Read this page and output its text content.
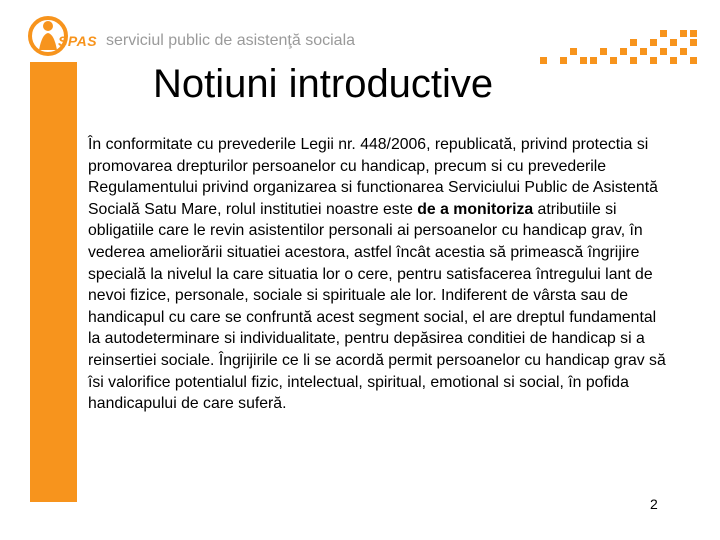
SPAS serviciul public de asistenţă sociala
Notiuni introductive

În conformitate cu prevederile Legii nr. 448/2006, republicată, privind protectia si promovarea drepturilor persoanelor cu handicap, precum si cu prevederile Regulamentului privind organizarea si functionarea Serviciului Public de Asistentă Socială Satu Mare, rolul institutiei noastre este de a monitoriza atributiile si obligatiile care le revin asistentilor personali ai persoanelor cu handicap grav, în vederea ameliorării situatiei acestora, astfel încât acestia să primească îngrijire specială la nivelul la care situatia lor o cere, pentru satisfacerea întregului lant de nevoi fizice, personale, sociale si spirituale ale lor. Indiferent de vârsta sau de handicapul cu care se confruntă acest segment social, el are dreptul fundamental la autodeterminare si individualitate, pentru depăsirea conditiei de handicap si a reinsertiei sociale. Îngrijirile ce li se acordă permit persoanelor cu handicap grav să îsi valorifice potentialul fizic, intelectual, spiritual, emotional si social, în pofida handicapului de care suferă.

2
